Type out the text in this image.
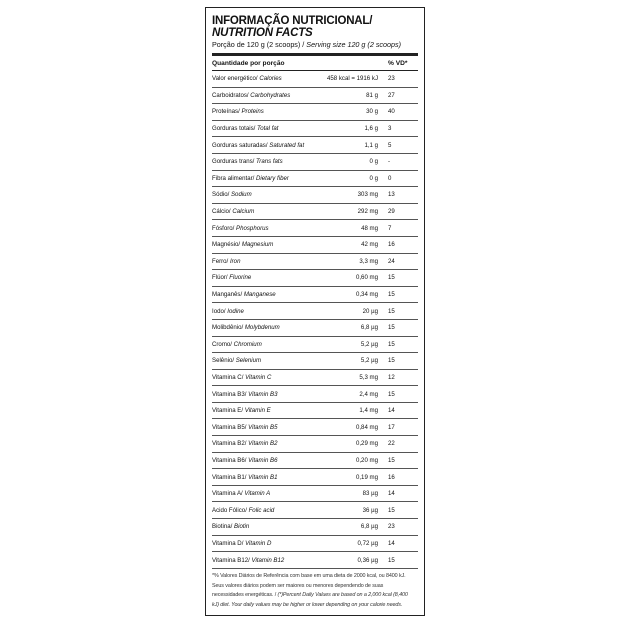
INFORMAÇÃO NUTRICIONAL/
NUTRITION FACTS
Porção de 120 g (2 scoops) / Serving size 120 g (2 scoops)
Quantidade por porção	% VD*
Valor energético/ Calories	458 kcal = 1916 kJ	23
Carboidratos/ Carbohydrates	81 g	27
Proteínas/ Proteins	30 g	40
Gorduras totais/ Total fat	1,6 g	3
Gorduras saturadas/ Saturated fat	1,1 g	5
Gorduras trans/ Trans fats	0 g	-
Fibra alimentar/ Dietary fiber	0 g	0
Sódio/ Sodium	303 mg	13
Cálcio/ Calcium	292 mg	29
Fósforo/ Phosphorus	48 mg	7
Magnésio/ Magnesium	42 mg	16
Ferro/ Iron	3,3 mg	24
Flúor/ Fluorine	0,60 mg	15
Manganês/ Manganese	0,34 mg	15
Iodo/ Iodine	20 µg	15
Molibdênio/ Molybdenum	6,8 µg	15
Cromo/ Chromium	5,2 µg	15
Selênio/ Selenium	5,2 µg	15
Vitamina C/ Vitamin C	5,3 mg	12
Vitamina B3/ Vitamin B3	2,4 mg	15
Vitamina E/ Vitamin E	1,4 mg	14
Vitamina B5/ Vitamin B5	0,84 mg	17
Vitamina B2/ Vitamin B2	0,29 mg	22
Vitamina B6/ Vitamin B6	0,20 mg	15
Vitamina B1/ Vitamin B1	0,19 mg	16
Vitamina A/ Vitamin A	83 µg	14
Ácido Fólico/ Folic acid	36 µg	15
Biotina/ Biotin	6,8 µg	23
Vitamina D/ Vitamin D	0,72 µg	14
Vitamina B12/ Vitamin B12	0,36 µg	15
*% Valores Diários de Referência com base em uma dieta de 2000 kcal, ou 8400 kJ.
Seus valores diários podem ser maiores ou menores dependendo de suas
necessidades energéticas. / (*)Percent Daily Values are based on a 2,000 kcal (8,400
kJ) diet. Your daily values may be higher or lower depending on your calorie needs.
